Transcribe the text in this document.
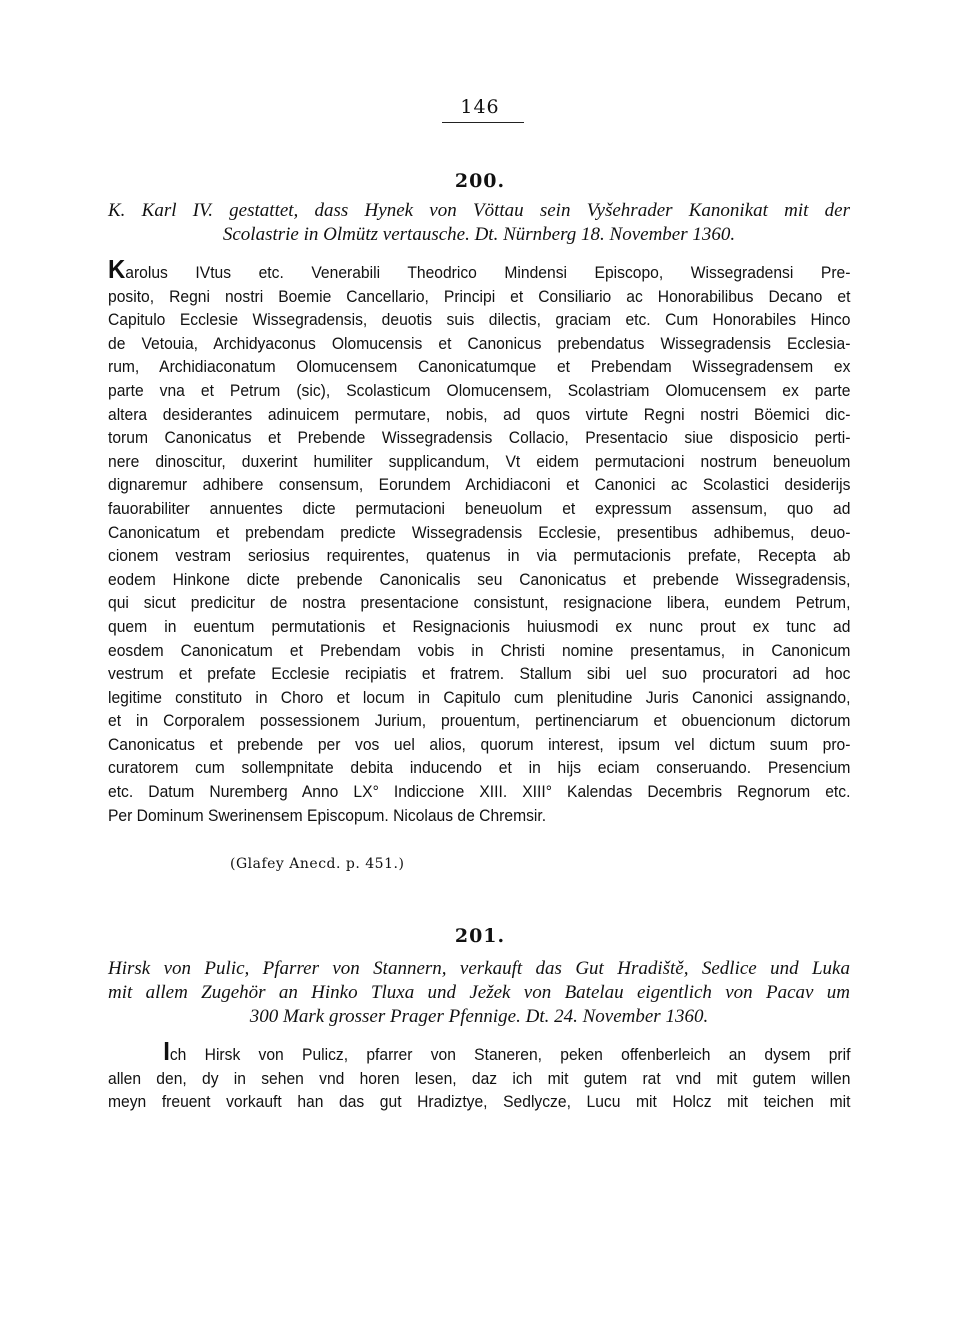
146
200.
K. Karl IV. gestattet, dass Hynek von Vöttau sein Vyšehrader Kanonikat mit der
Scolastrie in Olmütz vertausche. Dt. Nürnberg 18. November 1360.
Karolus IVtus etc. Venerabili Theodrico Mindensi Episcopo, Wissegradensi Pre-
posito, Regni nostri Boemie Cancellario, Principi et Consiliario ac Honorabilibus Decano et
Capitulo Ecclesie Wissegradensis, deuotis suis dilectis, graciam etc. Cum Honorabiles Hinco
de Vetouia, Archidyaconus Olomucensis et Canonicus prebendatus Wissegradensis Ecclesia-
rum, Archidiaconatum Olomucensem Canonicatumque et Prebendam Wissegradensem ex
parte vna et Petrum (sic), Scolasticum Olomucensem, Scolastriam Olomucensem ex parte
altera desiderantes adinuicem permutare, nobis, ad quos virtute Regni nostri Böemici dic-
torum Canonicatus et Prebende Wissegradensis Collacio, Presentacio siue disposicio perti-
nere dinoscitur, duxerint humiliter supplicandum, Vt eidem permutacioni nostrum beneuolum
dignaremur adhibere consensum, Eorundem Archidiaconi et Canonici ac Scolastici desiderijs
fauorabiliter annuentes dicte permutacioni beneuolum et expressum assensum, quo ad
Canonicatum et prebendam predicte Wissegradensis Ecclesie, presentibus adhibemus, deuo-
cionem vestram seriosius requirentes, quatenus in via permutacionis prefate, Recepta ab
eodem Hinkone dicte prebende Canonicalis seu Canonicatus et prebende Wissegradensis,
qui sicut predicitur de nostra presentacione consistunt, resignacione libera, eundem Petrum,
quem in euentum permutationis et Resignacionis huiusmodi ex nunc prout ex tunc ad
eosdem Canonicatum et Prebendam vobis in Christi nomine presentamus, in Canonicum
vestrum et prefate Ecclesie recipiatis et fratrem. Stallum sibi uel suo procuratori ad hoc
legitime constituto in Choro et locum in Capitulo cum plenitudine Juris Canonici assignando,
et in Corporalem possessionem Jurium, prouentum, pertinenciarum et obuencionum dictorum
Canonicatus et prebende per vos uel alios, quorum interest, ipsum vel dictum suum pro-
curatorem cum sollempnitate debita inducendo et in hijs eciam conseruando. Presencium
etc. Datum Nuremberg Anno LX° Indiccione XIII. XIII° Kalendas Decembris Regnorum etc.
Per Dominum Swerinensem Episcopum. Nicolaus de Chremsir.
(Glafey Anecd. p. 451.)
201.
Hirsk von Pulic, Pfarrer von Stannern, verkauft das Gut Hradiště, Sedlice und Luka
mit allem Zugehör an Hinko Tluxa und Ježek von Batelau eigentlich von Pacav um
300 Mark grosser Prager Pfennige. Dt. 24. November 1360.
Ich Hirsk von Pulicz, pfarrer von Staneren, peken offenberleich an dysem prif
allen den, dy in sehen vnd horen lesen, daz ich mit gutem rat vnd mit gutem willen
meyn freuent vorkauft han das gut Hradiztye, Sedlycze, Lucu mit Holcz mit teichen mit
